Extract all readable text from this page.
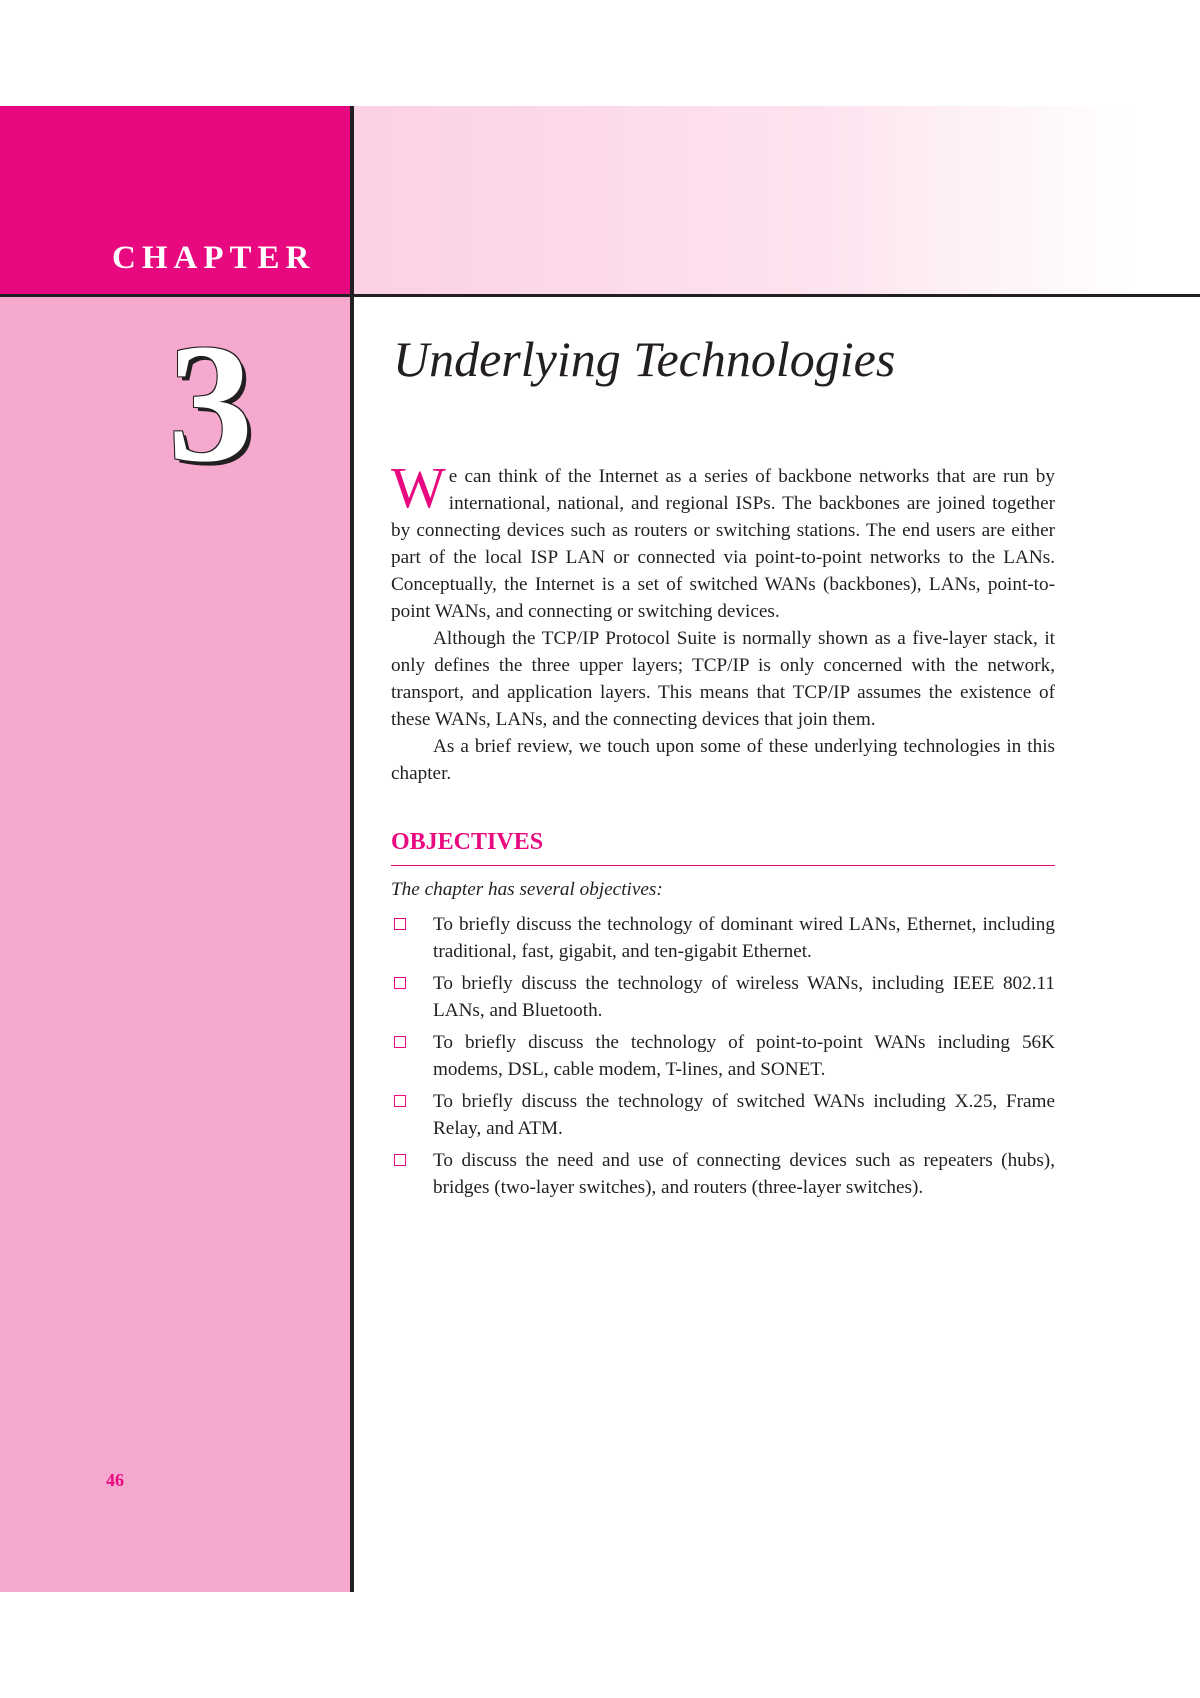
CHAPTER
3
46
Underlying Technologies

We can think of the Internet as a series of backbone networks that are run by international, national, and regional ISPs. The backbones are joined together by connecting devices such as routers or switching stations. The end users are either part of the local ISP LAN or connected via point-to-point networks to the LANs. Conceptually, the Internet is a set of switched WANs (backbones), LANs, point-to-point WANs, and connecting or switching devices.

Although the TCP/IP Protocol Suite is normally shown as a five-layer stack, it only defines the three upper layers; TCP/IP is only concerned with the network, transport, and application layers. This means that TCP/IP assumes the existence of these WANs, LANs, and the connecting devices that join them.

As a brief review, we touch upon some of these underlying technologies in this chapter.

OBJECTIVES
The chapter has several objectives:
To briefly discuss the technology of dominant wired LANs, Ethernet, including traditional, fast, gigabit, and ten-gigabit Ethernet.
To briefly discuss the technology of wireless WANs, including IEEE 802.11 LANs, and Bluetooth.
To briefly discuss the technology of point-to-point WANs including 56K modems, DSL, cable modem, T-lines, and SONET.
To briefly discuss the technology of switched WANs including X.25, Frame Relay, and ATM.
To discuss the need and use of connecting devices such as repeaters (hubs), bridges (two-layer switches), and routers (three-layer switches).
